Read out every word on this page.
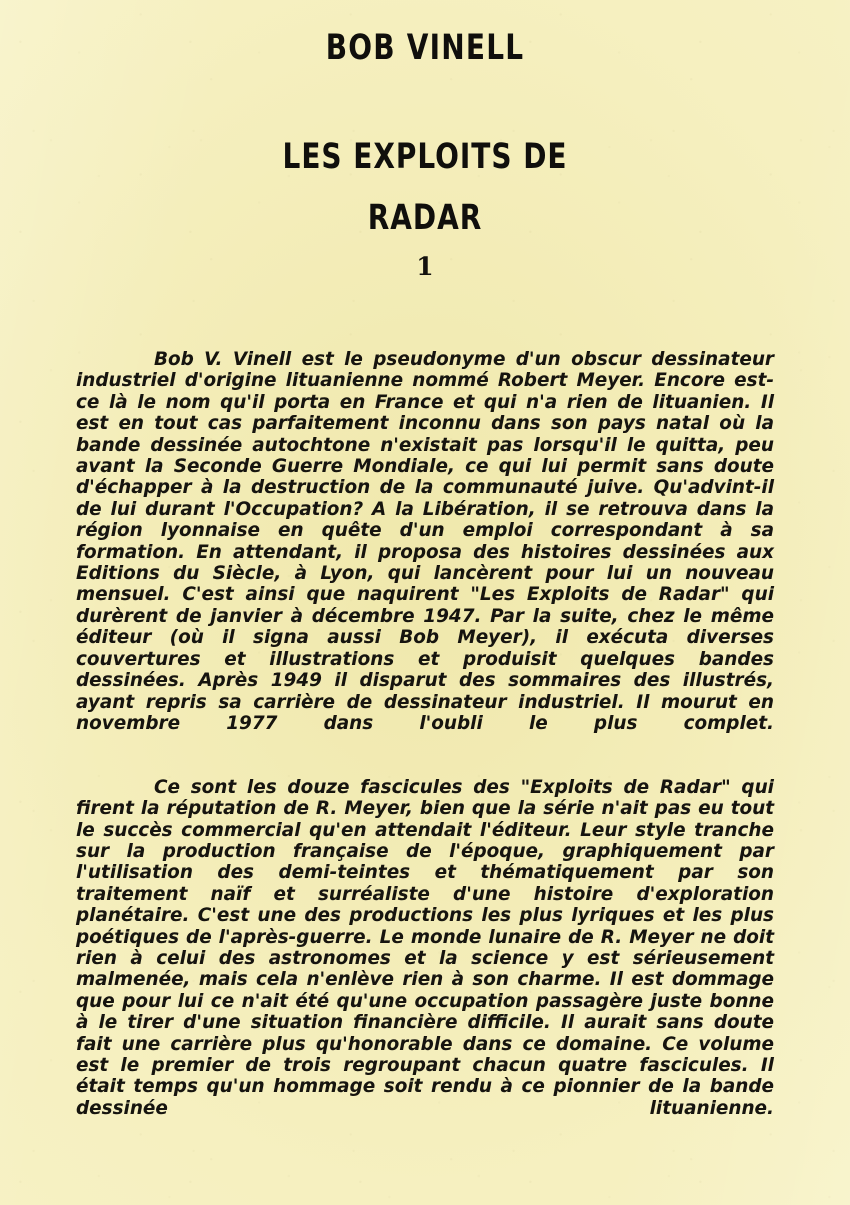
BOB VINELL
LES EXPLOITS DE
RADAR
1

Bob V. Vinell est le pseudonyme d'un obscur dessinateur industriel d'origine lituanienne nommé Robert Meyer. Encore est-ce là le nom qu'il porta en France et qui n'a rien de lituanien. Il est en tout cas parfaitement inconnu dans son pays natal où la bande dessinée autochtone n'existait pas lorsqu'il le quitta, peu avant la Seconde Guerre Mondiale, ce qui lui permit sans doute d'échapper à la destruction de la communauté juive. Qu'advint-il de lui durant l'Occupation? A la Libération, il se retrouva dans la région lyonnaise en quête d'un emploi correspondant à sa formation. En attendant, il proposa des histoires dessinées aux Editions du Siècle, à Lyon, qui lancèrent pour lui un nouveau mensuel. C'est ainsi que naquirent "Les Exploits de Radar" qui durèrent de janvier à décembre 1947. Par la suite, chez le même éditeur (où il signa aussi Bob Meyer), il exécuta diverses couvertures et illustrations et produisit quelques bandes dessinées. Après 1949 il disparut des sommaires des illustrés, ayant repris sa carrière de dessinateur industriel. Il mourut en novembre 1977 dans l'oubli le plus complet.

Ce sont les douze fascicules des "Exploits de Radar" qui firent la réputation de R. Meyer, bien que la série n'ait pas eu tout le succès commercial qu'en attendait l'éditeur. Leur style tranche sur la production française de l'époque, graphiquement par l'utilisation des demi-teintes et thématiquement par son traitement naïf et surréaliste d'une histoire d'exploration planétaire. C'est une des productions les plus lyriques et les plus poétiques de l'après-guerre. Le monde lunaire de R. Meyer ne doit rien à celui des astronomes et la science y est sérieusement malmenée, mais cela n'enlève rien à son charme. Il est dommage que pour lui ce n'ait été qu'une occupation passagère juste bonne à le tirer d'une situation financière difficile. Il aurait sans doute fait une carrière plus qu'honorable dans ce domaine. Ce volume est le premier de trois regroupant chacun quatre fascicules. Il était temps qu'un hommage soit rendu à ce pionnier de la bande dessinée lituanienne.
